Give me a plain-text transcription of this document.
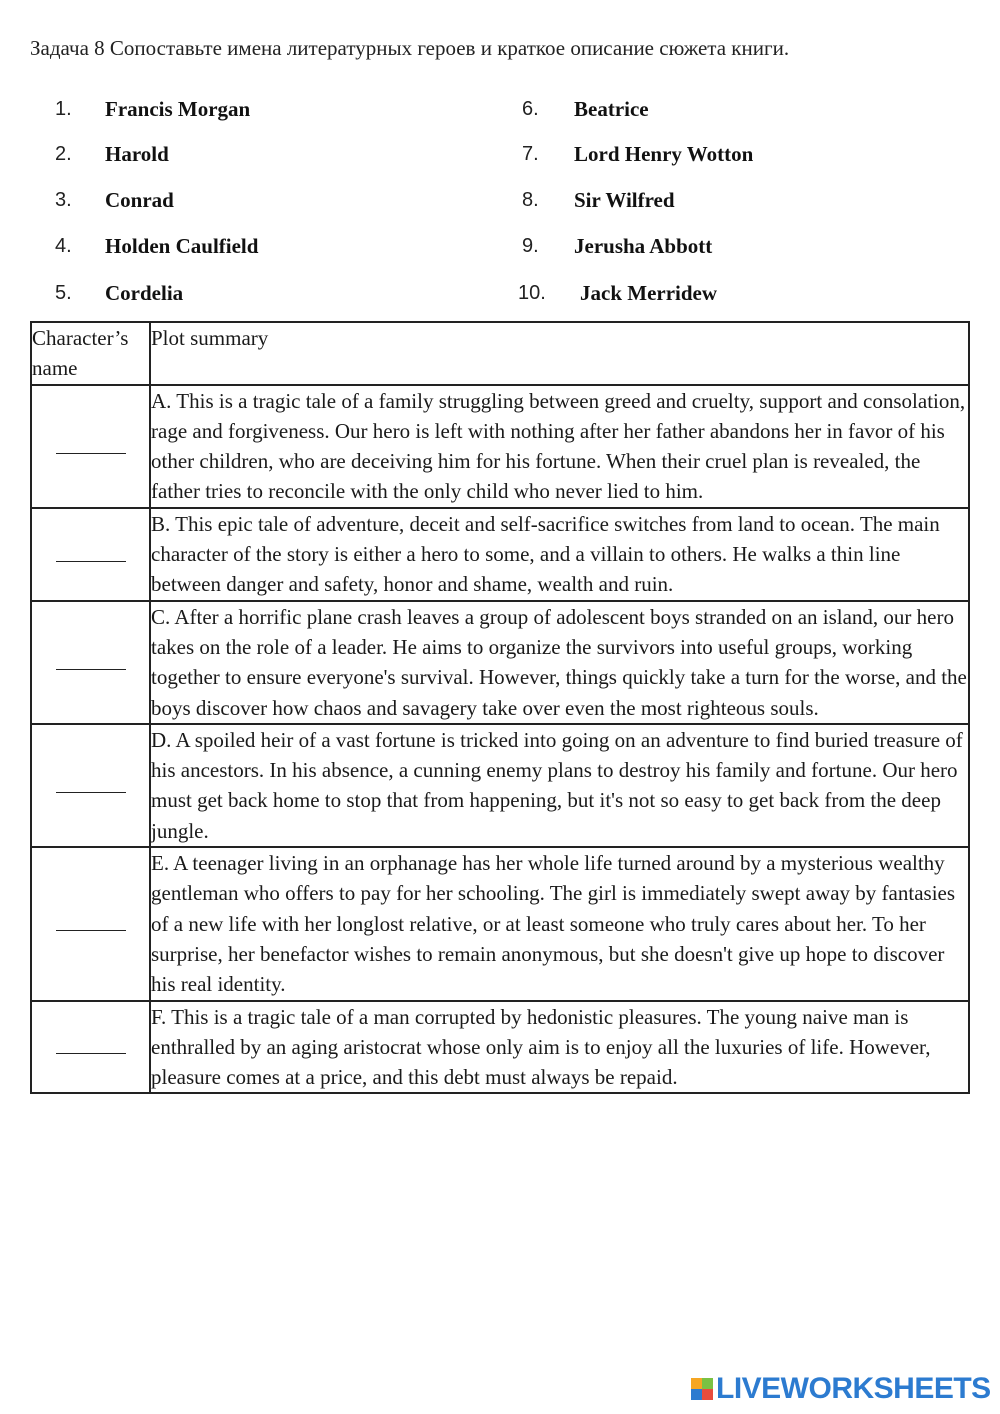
Задача 8 Сопоставьте имена литературных героев и краткое описание сюжета книги.
1.	Francis Morgan
2.	Harold
3.	Conrad
4.	Holden Caulfield
5.	Cordelia
6.	Beatrice
7.	Lord Henry Wotton
8.	Sir Wilfred
9.	Jerusha Abbott
10.	Jack Merridew
Character’s name	Plot summary
	A. This is a tragic tale of a family struggling between greed and cruelty, support and consolation, rage and forgiveness. Our hero is left with nothing after her father abandons her in favor of his other children, who are deceiving him for his fortune. When their cruel plan is revealed, the father tries to reconcile with the only child who never lied to him.
	B. This epic tale of adventure, deceit and self-sacrifice switches from land to ocean. The main character of the story is either a hero to some, and a villain to others. He walks a thin line between danger and safety, honor and shame, wealth and ruin.
	C. After a horrific plane crash leaves a group of adolescent boys stranded on an island, our hero takes on the role of a leader. He aims to organize the survivors into useful groups, working together to ensure everyone's survival. However, things quickly take a turn for the worse, and the boys discover how chaos and savagery take over even the most righteous souls.
	D. A spoiled heir of a vast fortune is tricked into going on an adventure to find buried treasure of his ancestors. In his absence, a cunning enemy plans to destroy his family and fortune. Our hero must get back home to stop that from happening, but it's not so easy to get back from the deep jungle.
	E. A teenager living in an orphanage has her whole life turned around by a mysterious wealthy gentleman who offers to pay for her schooling. The girl is immediately swept away by fantasies of a new life with her longlost relative, or at least someone who truly cares about her. To her surprise, her benefactor wishes to remain anonymous, but she doesn't give up hope to discover his real identity.
	F. This is a tragic tale of a man corrupted by hedonistic pleasures. The young naive man is enthralled by an aging aristocrat whose only aim is to enjoy all the luxuries of life. However, pleasure comes at a price, and this debt must always be repaid.
LIVEWORKSHEETS
